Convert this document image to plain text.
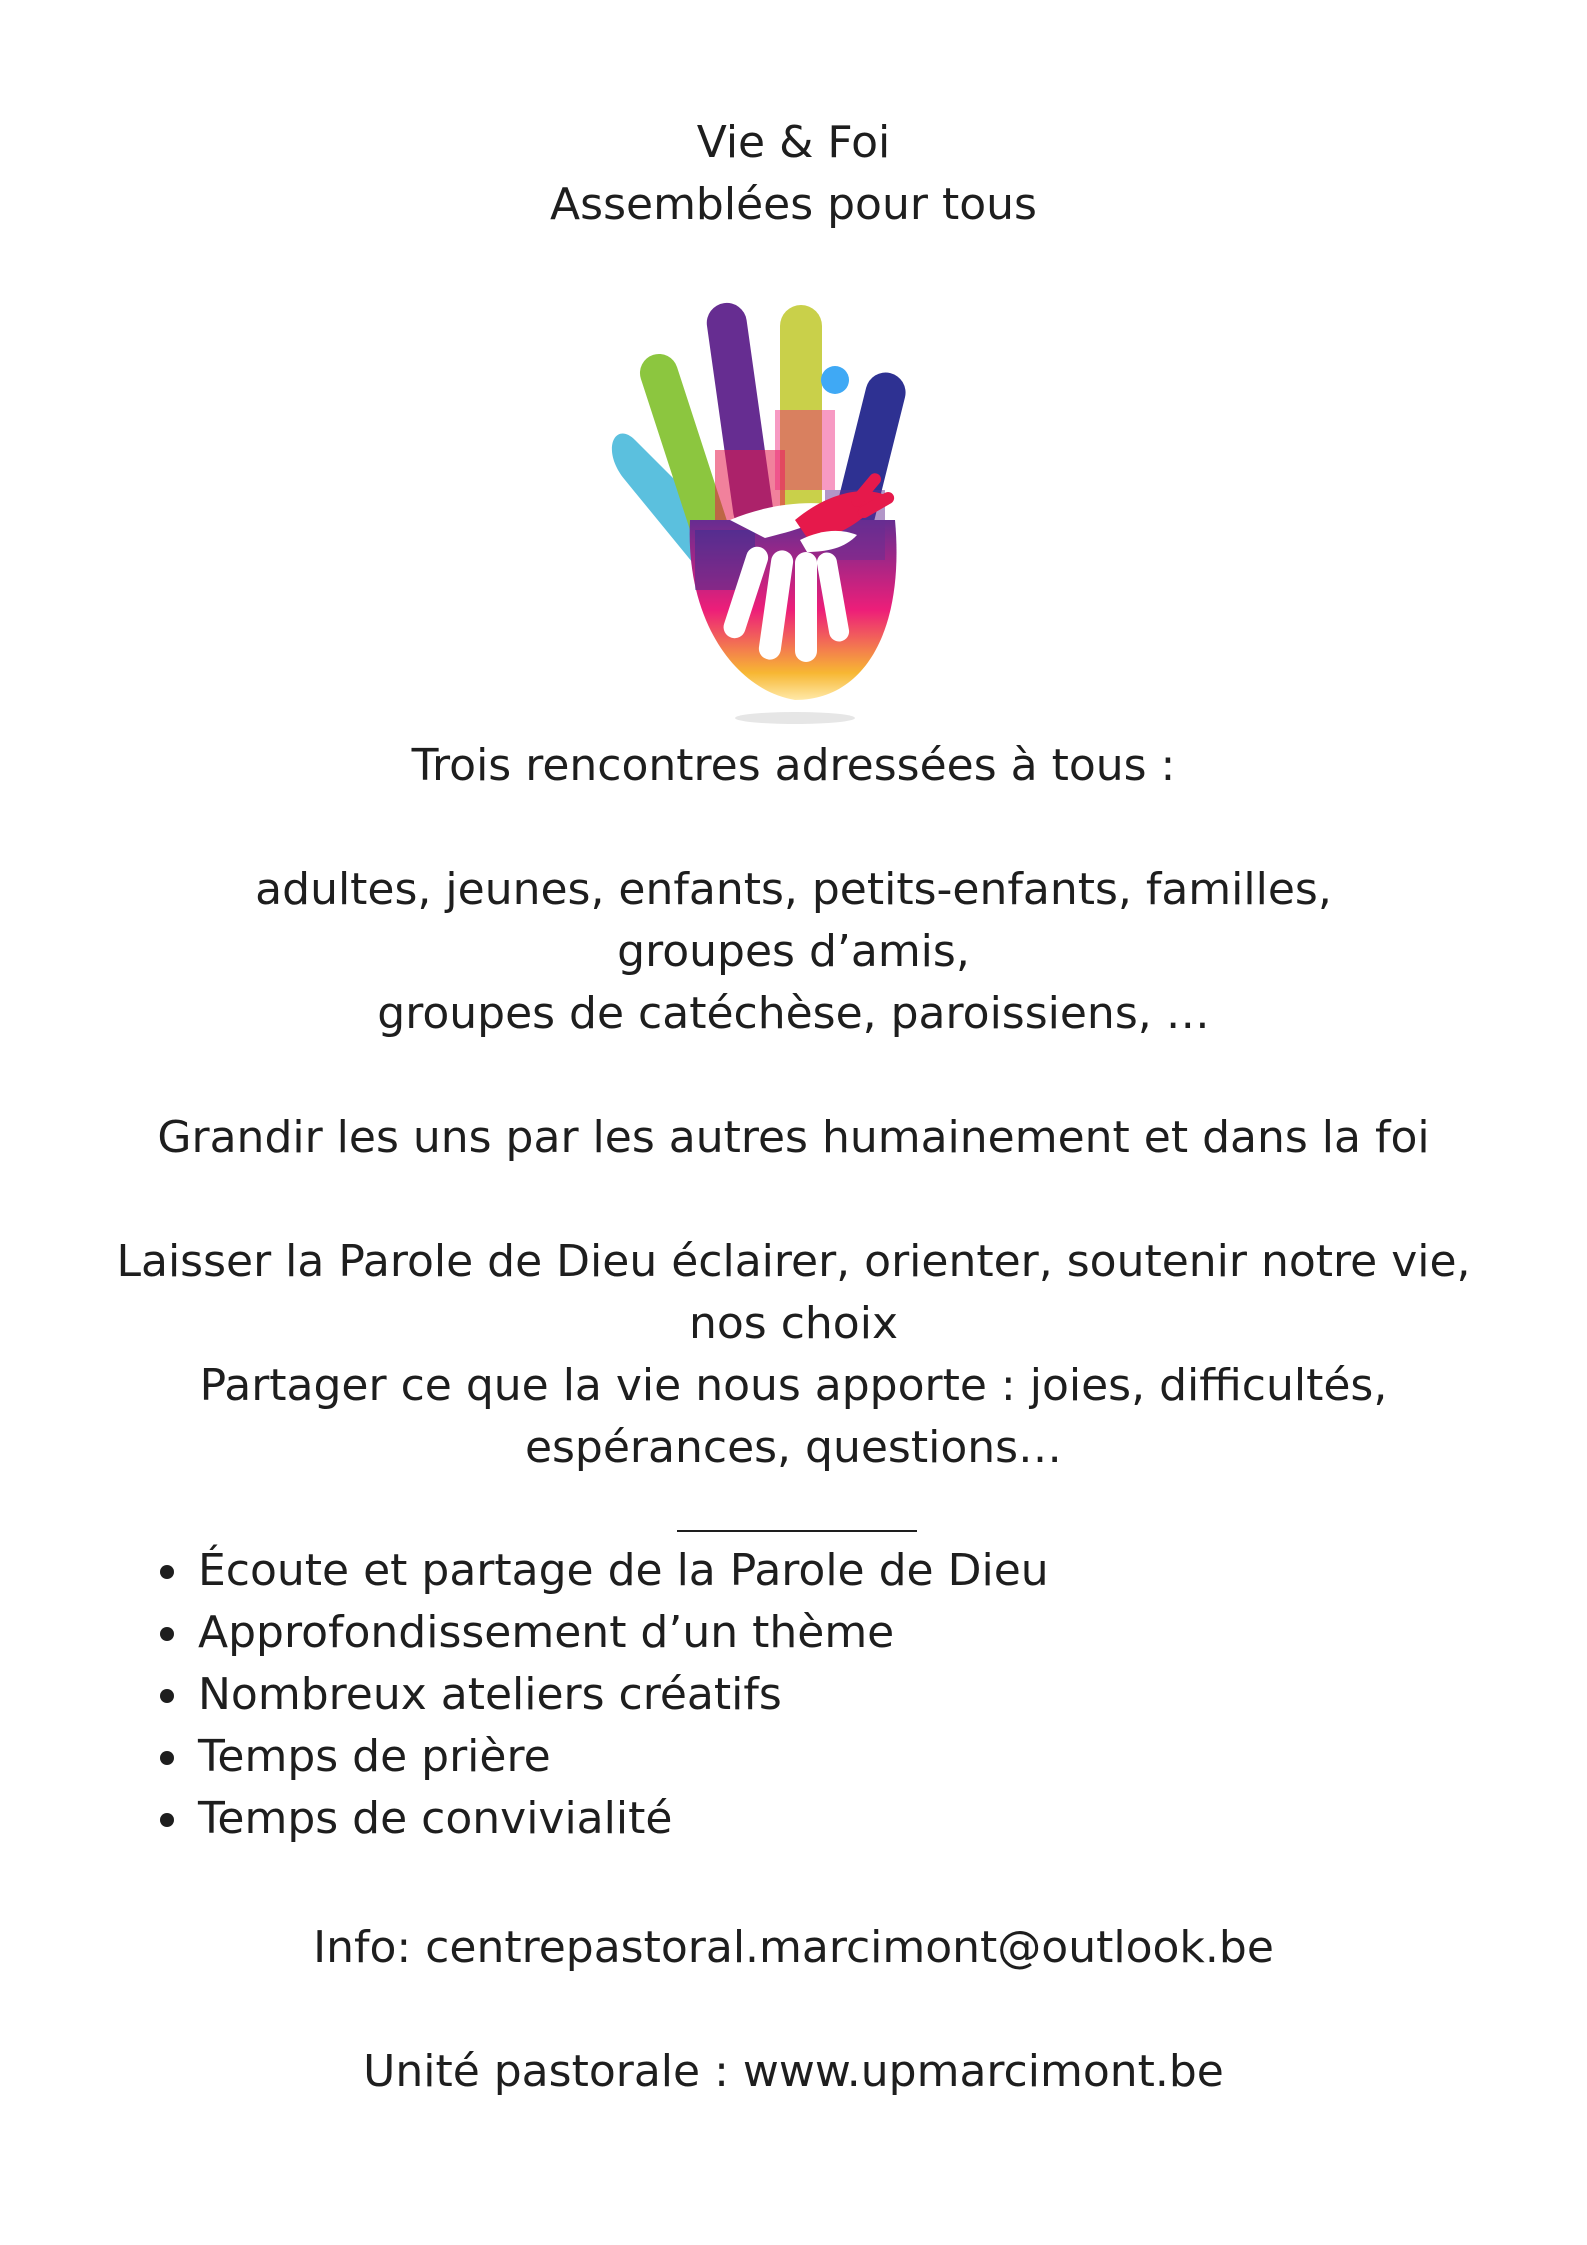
Vie & Foi
Assemblées pour tous
Trois rencontres adressées à tous :
adultes, jeunes, enfants, petits-enfants, familles,
groupes d’amis,
groupes de catéchèse, paroissiens, …
Grandir les uns par les autres humainement et dans la foi
Laisser la Parole de Dieu éclairer, orienter, soutenir notre vie,
nos choix
Partager ce que la vie nous apporte : joies, difficultés,
espérances, questions…
Écoute et partage de la Parole de Dieu
Approfondissement d’un thème
Nombreux ateliers créatifs
Temps de prière
Temps de convivialité
Info: centrepastoral.marcimont@outlook.be
Unité pastorale : www.upmarcimont.be
